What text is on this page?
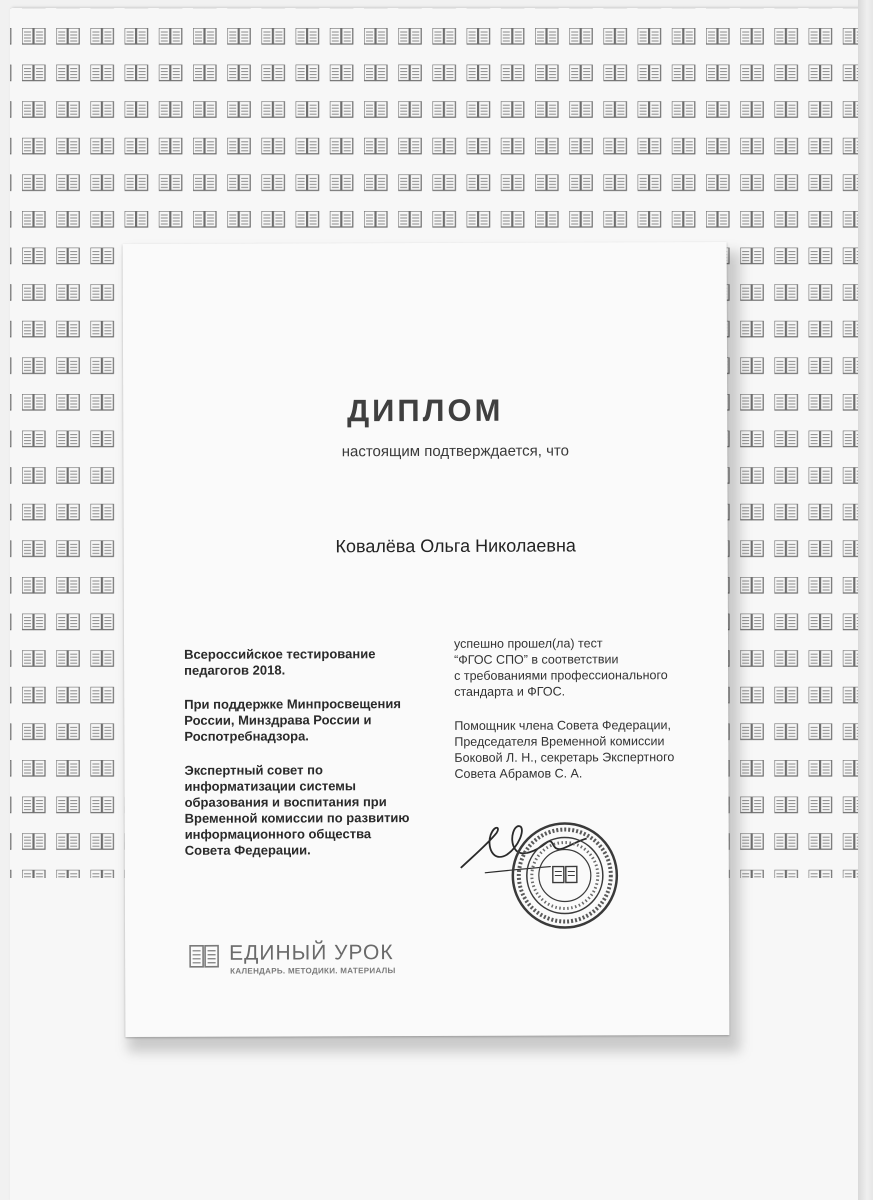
ДИПЛОМ
настоящим подтверждается, что
Ковалёва Ольга Николаевна

Всероссийское тестирование
педагогов 2018.

При поддержке Минпросвещения
России, Минздрава России и
Роспотребнадзора.

Экспертный совет по
информатизации системы
образования и воспитания при
Временной комиссии по развитию
информационного общества
Совета Федерации.

успешно прошел(ла) тест
“ФГОС СПО” в соответствии
с требованиями профессионального
стандарта и ФГОС.

Помощник члена Совета Федерации,
Председателя Временной комиссии
Боковой Л. Н., секретарь Экспертного
Совета Абрамов С. А.

ЕДИНЫЙ УРОК
КАЛЕНДАРЬ. МЕТОДИКИ. МАТЕРИАЛЫ
